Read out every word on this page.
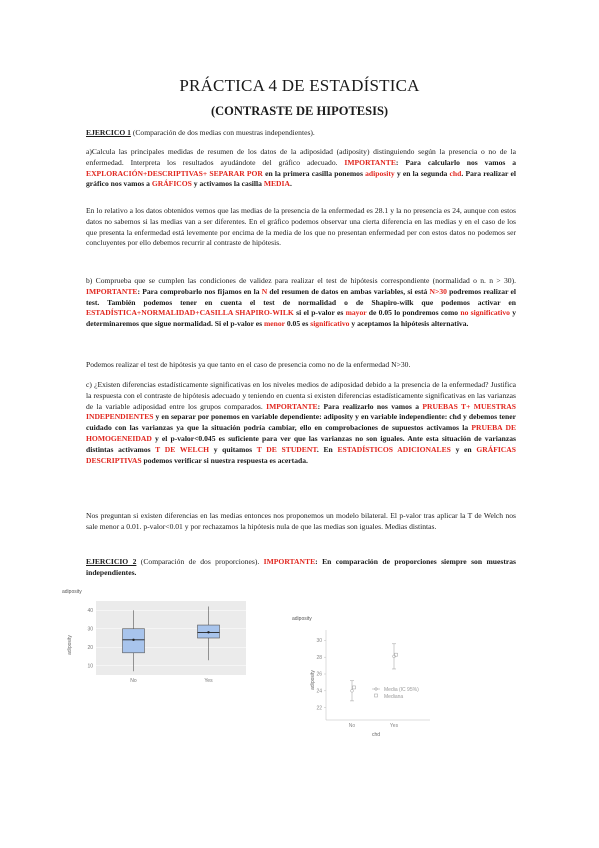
PRÁCTICA 4 DE ESTADÍSTICA
(CONTRASTE DE HIPOTESIS)

EJERCICO 1 (Comparación de dos medias con muestras independientes).

a)Calcula las principales medidas de resumen de los datos de la adiposidad (adiposity) distinguiendo según la presencia o no de la enfermedad. Interpreta los resultados ayudándote del gráfico adecuado. IMPORTANTE: Para calcularlo nos vamos a EXPLORACIÓN+DESCRIPTIVAS+ SEPARAR POR en la primera casilla ponemos adiposity y en la segunda chd. Para realizar el gráfico nos vamos a GRÁFICOS y activamos la casilla MEDIA.

En lo relativo a los datos obtenidos vemos que las medias de la presencia de la enfermedad es 28.1 y la no presencia es 24, aunque con estos datos no sabemos si las medias van a ser diferentes. En el gráfico podemos observar una cierta diferencia en las medias y en el caso de los que presenta la enfermedad está levemente por encima de la media de los que no presentan enfermedad per con estos datos no podemos ser concluyentes por ello debemos recurrir al contraste de hipótesis.

b) Comprueba que se cumplen las condiciones de validez para realizar el test de hipótesis correspondiente (normalidad o n. n > 30). IMPORTANTE: Para comprobarlo nos fijamos en la N del resumen de datos en ambas variables, si está N>30 podremos realizar el test. También podemos tener en cuenta el test de normalidad o de Shapiro-wilk que podemos activar en ESTADÍSTICA+NORMALIDAD+CASILLA SHAPIRO-WILK si el p-valor es mayor de 0.05 lo pondremos como no significativo y determinaremos que sigue normalidad. Si el p-valor es menor 0.05 es significativo y aceptamos la hipótesis alternativa.

Podemos realizar el test de hipótesis ya que tanto en el caso de presencia como no de la enfermedad N>30.

c) ¿Existen diferencias estadísticamente significativas en los niveles medios de adiposidad debido a la presencia de la enfermedad? Justifica la respuesta con el contraste de hipótesis adecuado y teniendo en cuenta si existen diferencias estadísticamente significativas en las varianzas de la variable adiposidad entre los grupos comparados. IMPORTANTE: Para realizarlo nos vamos a PRUEBAS T+ MUESTRAS INDEPENDIENTES y en separar por ponemos en variable dependiente: adiposity y en variable independiente: chd y debemos tener cuidado con las varianzas ya que la situación podría cambiar, ello en comprobaciones de supuestos activamos la PRUEBA DE HOMOGENEIDAD y el p-valor<0.045 es suficiente para ver que las varianzas no son iguales. Ante esta situación de varianzas distintas activamos T DE WELCH y quitamos T DE STUDENT. En ESTADÍSTICOS ADICIONALES y en GRÁFICAS DESCRIPTIVAS podemos verificar si nuestra respuesta es acertada.

Nos preguntan si existen diferencias en las medias entonces nos proponemos un modelo bilateral. El p-valor tras aplicar la T de Welch nos sale menor a 0.01. p-valor<0.01 y por rechazamos la hipótesis nula de que las medias son iguales. Medias distintas.

EJERCICIO 2 (Comparación de dos proporciones). IMPORTANTE: En comparación de proporciones siempre son muestras independientes.

adiposity
adiposity
40
30
20
10
No	Yes
adiposity
adiposity
chd
30
28
26
24
22
No	Yes
Media (IC 95%)
Mediana
